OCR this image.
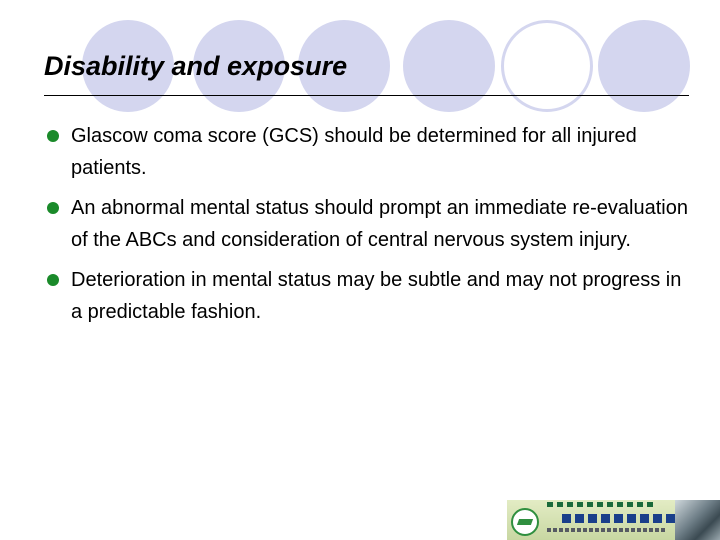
Disability and exposure
Glascow coma score (GCS) should be determined for all injured patients.
An abnormal mental status should prompt an immediate re-evaluation of the ABCs and consideration of central nervous system injury.
Deterioration in mental status may be subtle and may not progress in a predictable fashion.
